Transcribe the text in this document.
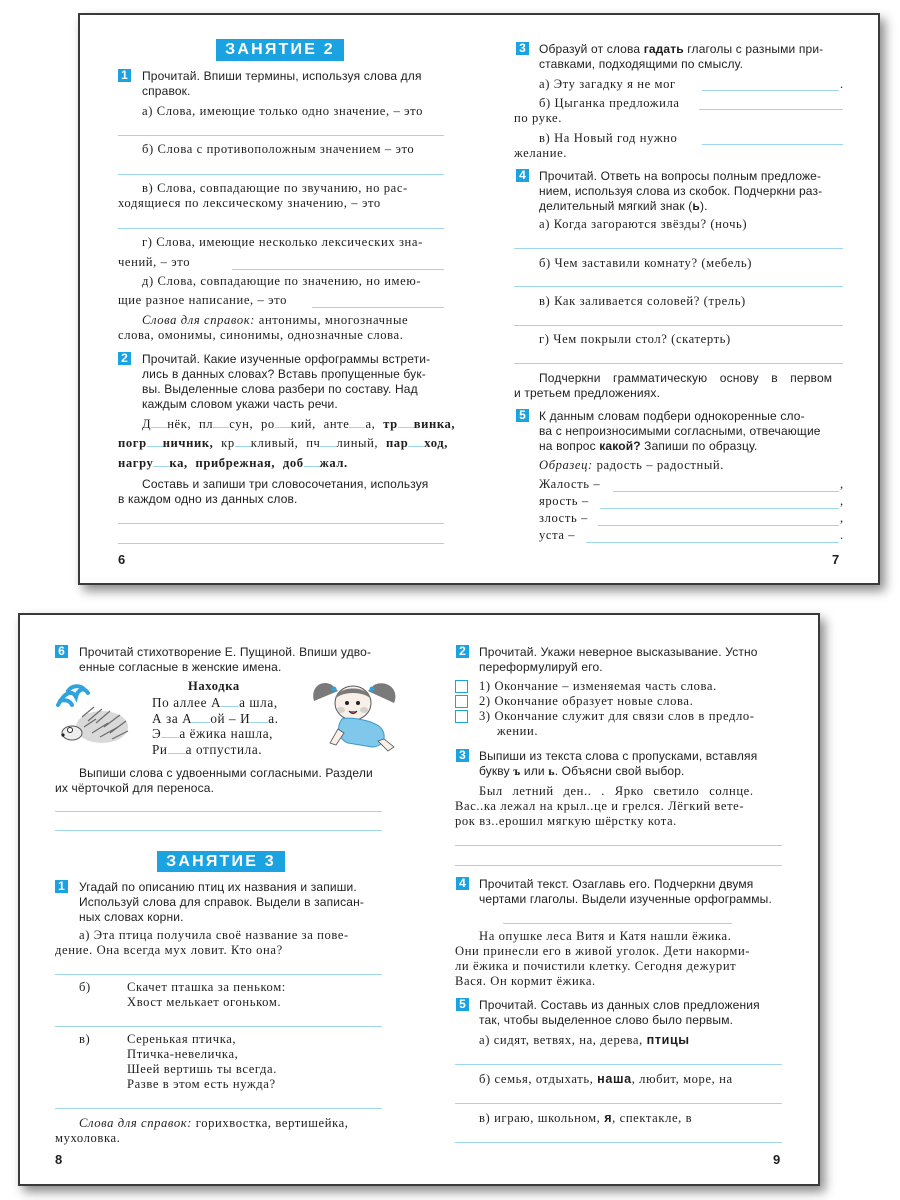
ЗАНЯТИЕ 2
1 Прочитай. Впиши термины, используя слова для
справок.
а) Слова, имеющие только одно значение, – это
б) Слова с противоположным значением – это
в) Слова, совпадающие по звучанию, но рас-
ходящиеся по лексическому значению, – это
г) Слова, имеющие несколько лексических зна-
чений, – это
д) Слова, совпадающие по значению, но имею-
щие разное написание, – это
Слова для справок: антонимы, многозначные
слова, омонимы, синонимы, однозначные слова.
2 Прочитай. Какие изученные орфограммы встрети-
лись в данных словах? Вставь пропущенные бук-
вы. Выделенные слова разбери по составу. Над
каждым словом укажи часть речи.
Д нёк, пл сун, ро кий, анте а, тр винка,
погр ничник, кр кливый, пч линый, пар ход,
нагру ка, прибрежная, доб жал.
Составь и запиши три словосочетания, используя
в каждом одно из данных слов.
6
3 Образуй от слова гадать глаголы с разными при-
ставками, подходящими по смыслу.
а) Эту загадку я не мог	.
б) Цыганка предложила
по руке.
в) На Новый год нужно
желание.
4 Прочитай. Ответь на вопросы полным предложе-
нием, используя слова из скобок. Подчеркни раз-
делительный мягкий знак (ь).
а) Когда загораются звёзды? (ночь)
б) Чем заставили комнату? (мебель)
в) Как заливается соловей? (трель)
г) Чем покрыли стол? (скатерть)
Подчеркни грамматическую основу в первом
и третьем предложениях.
5 К данным словам подбери однокоренные сло-
ва с непроизносимыми согласными, отвечающие
на вопрос какой? Запиши по образцу.
Образец: радость – радостный.
Жалость –	,
ярость –	,
злость –	,
уста –	.
7
6 Прочитай стихотворение Е. Пущиной. Впиши удво-
енные согласные в женские имена.
Находка
По аллее А а шла,
А за А ой – И а.
Э а ёжика нашла,
Ри а отпустила.
Выпиши слова с удвоенными согласными. Раздели
их чёрточкой для переноса.
ЗАНЯТИЕ 3
1 Угадай по описанию птиц их названия и запиши.
Используй слова для справок. Выдели в записан-
ных словах корни.
а) Эта птица получила своё название за пове-
дение. Она всегда мух ловит. Кто она?
б)	Скачет пташка за пеньком:
Хвост мелькает огоньком.
в)	Серенькая птичка,
Птичка-невеличка,
Шеей вертишь ты всегда.
Разве в этом есть нужда?
Слова для справок: горихвостка, вертишейка,
мухоловка.
8
2 Прочитай. Укажи неверное высказывание. Устно
переформулируй его.
1) Окончание – изменяемая часть слова.
2) Окончание образует новые слова.
3) Окончание служит для связи слов в предло-
жении.
3 Выпиши из текста слова с пропусками, вставляя
букву ъ или ь. Объясни свой выбор.
Был летний ден.. . Ярко светило солнце.
Вас..ка лежал на крыл..це и грелся. Лёгкий вете-
рок вз..ерошил мягкую шёрстку кота.
4 Прочитай текст. Озаглавь его. Подчеркни двумя
чертами глаголы. Выдели изученные орфограммы.
На опушке леса Витя и Катя нашли ёжика.
Они принесли его в живой уголок. Дети накорми-
ли ёжика и почистили клетку. Сегодня дежурит
Вася. Он кормит ёжика.
5 Прочитай. Составь из данных слов предложения
так, чтобы выделенное слово было первым.
а) сидят, ветвях, на, дерева, птицы
б) семья, отдыхать, наша, любит, море, на
в) играю, школьном, я, спектакле, в
9
